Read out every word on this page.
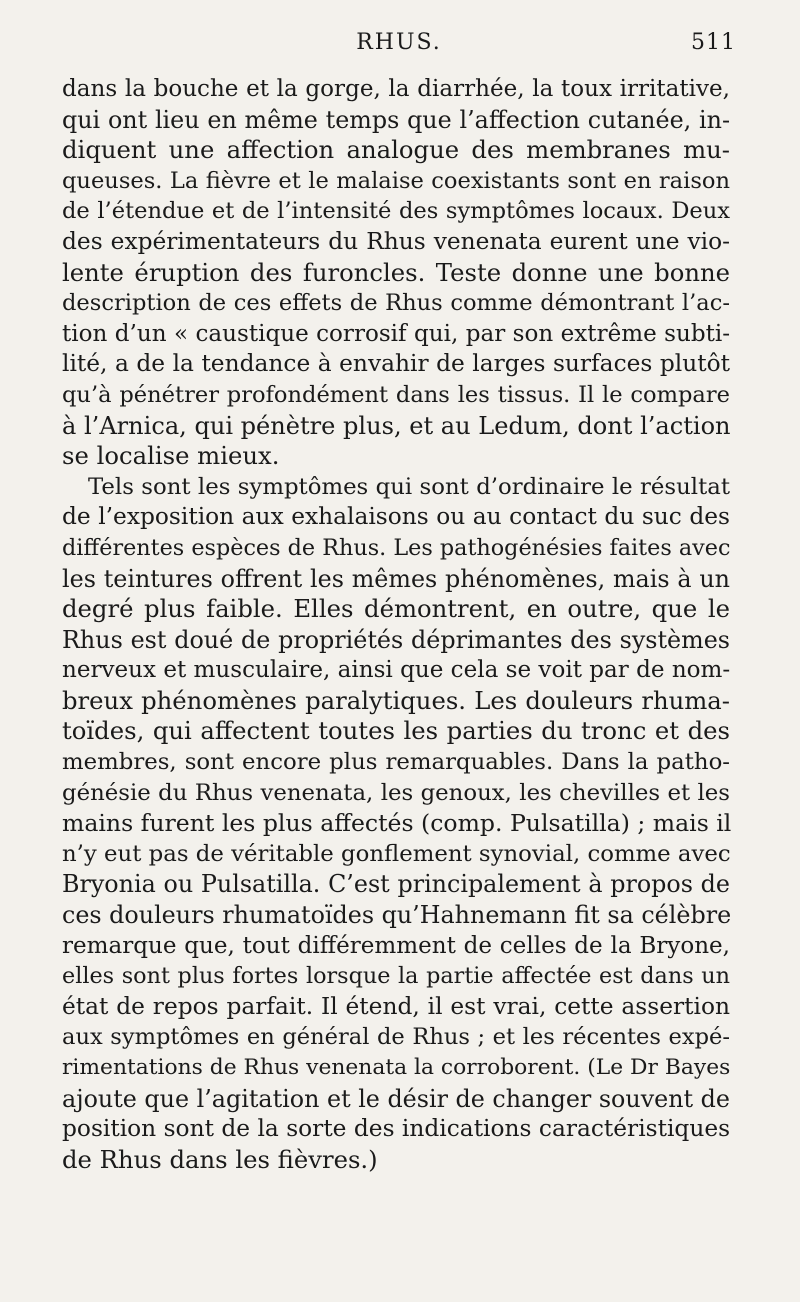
RHUS.	511
dans la bouche et la gorge, la diarrhée, la toux irritative,
qui ont lieu en même temps que l’affection cutanée, in-
diquent une affection analogue des membranes mu-
queuses. La fièvre et le malaise coexistants sont en raison
de l’étendue et de l’intensité des symptômes locaux. Deux
des expérimentateurs du Rhus venenata eurent une vio-
lente éruption des furoncles. Teste donne une bonne
description de ces effets de Rhus comme démontrant l’ac-
tion d’un « caustique corrosif qui, par son extrême subti-
lité, a de la tendance à envahir de larges surfaces plutôt
qu’à pénétrer profondément dans les tissus. Il le compare
à l’Arnica, qui pénètre plus, et au Ledum, dont l’action
se localise mieux.
Tels sont les symptômes qui sont d’ordinaire le résultat
de l’exposition aux exhalaisons ou au contact du suc des
différentes espèces de Rhus. Les pathogénésies faites avec
les teintures offrent les mêmes phénomènes, mais à un
degré plus faible. Elles démontrent, en outre, que le
Rhus est doué de propriétés déprimantes des systèmes
nerveux et musculaire, ainsi que cela se voit par de nom-
breux phénomènes paralytiques. Les douleurs rhuma-
toïdes, qui affectent toutes les parties du tronc et des
membres, sont encore plus remarquables. Dans la patho-
génésie du Rhus venenata, les genoux, les chevilles et les
mains furent les plus affectés (comp. Pulsatilla) ; mais il
n’y eut pas de véritable gonflement synovial, comme avec
Bryonia ou Pulsatilla. C’est principalement à propos de
ces douleurs rhumatoïdes qu’Hahnemann fit sa célèbre
remarque que, tout différemment de celles de la Bryone,
elles sont plus fortes lorsque la partie affectée est dans un
état de repos parfait. Il étend, il est vrai, cette assertion
aux symptômes en général de Rhus ; et les récentes expé-
rimentations de Rhus venenata la corroborent. (Le Dr Bayes
ajoute que l’agitation et le désir de changer souvent de
position sont de la sorte des indications caractéristiques
de Rhus dans les fièvres.)
